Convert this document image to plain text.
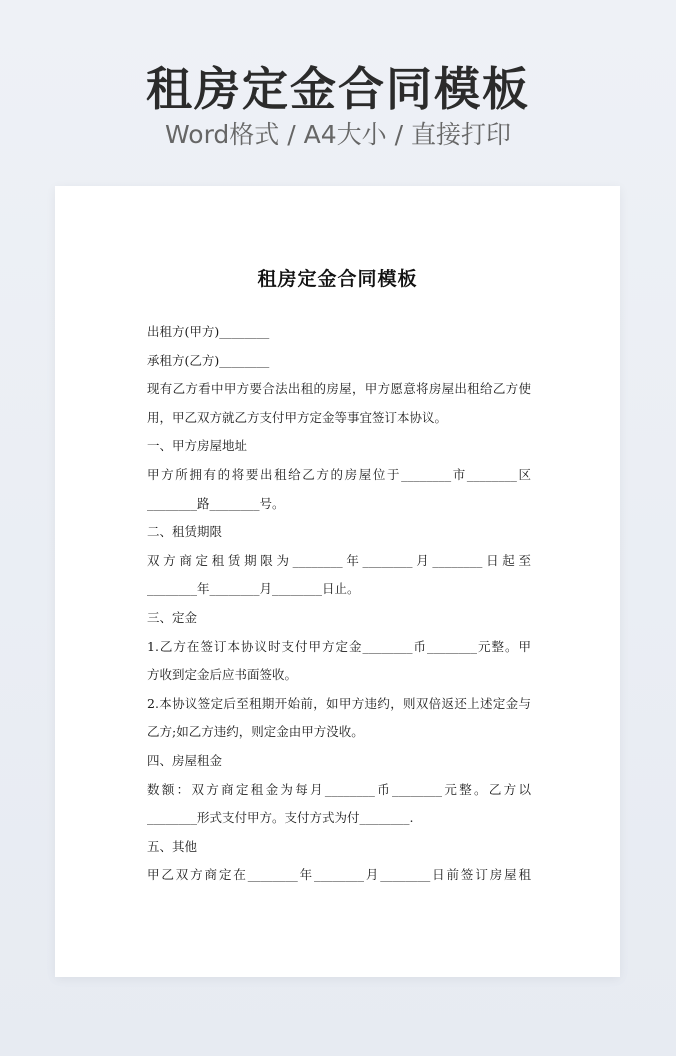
租房定金合同模板
Word格式 / A4大小 / 直接打印
租房定金合同模板
出租方(甲方)________
承租方(乙方)________
现有乙方看中甲方要合法出租的房屋，甲方愿意将房屋出租给乙方使
用，甲乙双方就乙方支付甲方定金等事宜签订本协议。
一、甲方房屋地址
甲方所拥有的将要出租给乙方的房屋位于________市________区
________路________号。
二、租赁期限
双方商定租赁期限为________年________月________日起至
________年________月________日止。
三、定金
1.乙方在签订本协议时支付甲方定金________币________元整。甲
方收到定金后应书面签收。
2.本协议签定后至租期开始前，如甲方违约，则双倍返还上述定金与
乙方;如乙方违约，则定金由甲方没收。
四、房屋租金
数额：双方商定租金为每月________币________元整。乙方以
________形式支付甲方。支付方式为付________.
五、其他
甲乙双方商定在________年________月________日前签订房屋租
